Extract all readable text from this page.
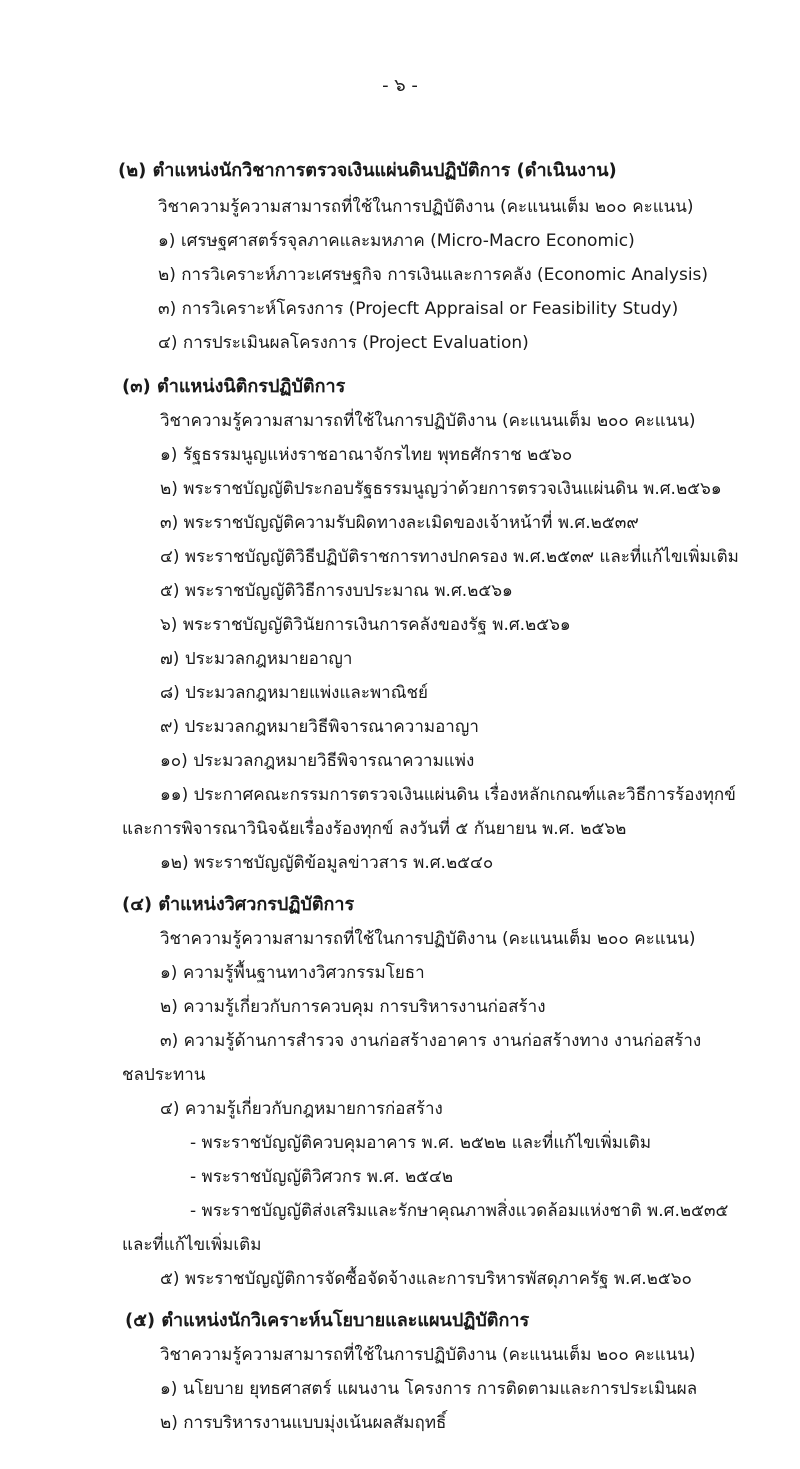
- ๖ -
(๒) ตำแหน่งนักวิชาการตรวจเงินแผ่นดินปฏิบัติการ (ดำเนินงาน)
วิชาความรู้ความสามารถที่ใช้ในการปฏิบัติงาน (คะแนนเต็ม ๒๐๐ คะแนน)
๑) เศรษฐศาสตร์รจุลภาคและมหภาค (Micro-Macro Economic)
๒) การวิเคราะห์ภาวะเศรษฐกิจ การเงินและการคลัง (Economic Analysis)
๓) การวิเคราะห์โครงการ (Projecft Appraisal or Feasibility Study)
๔) การประเมินผลโครงการ (Project Evaluation)
(๓) ตำแหน่งนิติกรปฏิบัติการ
วิชาความรู้ความสามารถที่ใช้ในการปฏิบัติงาน (คะแนนเต็ม ๒๐๐ คะแนน)
๑) รัฐธรรมนูญแห่งราชอาณาจักรไทย พุทธศักราช ๒๕๖๐
๒) พระราชบัญญัติประกอบรัฐธรรมนูญว่าด้วยการตรวจเงินแผ่นดิน พ.ศ.๒๕๖๑
๓) พระราชบัญญัติความรับผิดทางละเมิดของเจ้าหน้าที่ พ.ศ.๒๕๓๙
๔) พระราชบัญญัติวิธีปฏิบัติราชการทางปกครอง พ.ศ.๒๕๓๙ และที่แก้ไขเพิ่มเติม
๕) พระราชบัญญัติวิธีการงบประมาณ พ.ศ.๒๕๖๑
๖) พระราชบัญญัติวินัยการเงินการคลังของรัฐ พ.ศ.๒๕๖๑
๗) ประมวลกฎหมายอาญา
๘) ประมวลกฎหมายแพ่งและพาณิชย์
๙) ประมวลกฎหมายวิธีพิจารณาความอาญา
๑๐) ประมวลกฎหมายวิธีพิจารณาความแพ่ง
๑๑) ประกาศคณะกรรมการตรวจเงินแผ่นดิน เรื่องหลักเกณฑ์และวิธีการร้องทุกข์
และการพิจารณาวินิจฉัยเรื่องร้องทุกข์ ลงวันที่ ๕ กันยายน พ.ศ. ๒๕๖๒
๑๒) พระราชบัญญัติข้อมูลข่าวสาร พ.ศ.๒๕๔๐
(๔) ตำแหน่งวิศวกรปฏิบัติการ
วิชาความรู้ความสามารถที่ใช้ในการปฏิบัติงาน (คะแนนเต็ม ๒๐๐ คะแนน)
๑) ความรู้พื้นฐานทางวิศวกรรมโยธา
๒) ความรู้เกี่ยวกับการควบคุม การบริหารงานก่อสร้าง
๓) ความรู้ด้านการสำรวจ งานก่อสร้างอาคาร งานก่อสร้างทาง งานก่อสร้าง
ชลประทาน
๔) ความรู้เกี่ยวกับกฎหมายการก่อสร้าง
- พระราชบัญญัติควบคุมอาคาร พ.ศ. ๒๕๒๒ และที่แก้ไขเพิ่มเติม
- พระราชบัญญัติวิศวกร พ.ศ. ๒๕๔๒
- พระราชบัญญัติส่งเสริมและรักษาคุณภาพสิ่งแวดล้อมแห่งชาติ พ.ศ.๒๕๓๕
และที่แก้ไขเพิ่มเติม
๕) พระราชบัญญัติการจัดซื้อจัดจ้างและการบริหารพัสดุภาครัฐ พ.ศ.๒๕๖๐
(๕) ตำแหน่งนักวิเคราะห์นโยบายและแผนปฏิบัติการ
วิชาความรู้ความสามารถที่ใช้ในการปฏิบัติงาน (คะแนนเต็ม ๒๐๐ คะแนน)
๑) นโยบาย ยุทธศาสตร์ แผนงาน โครงการ การติดตามและการประเมินผล
๒) การบริหารงานแบบมุ่งเน้นผลสัมฤทธิ์
